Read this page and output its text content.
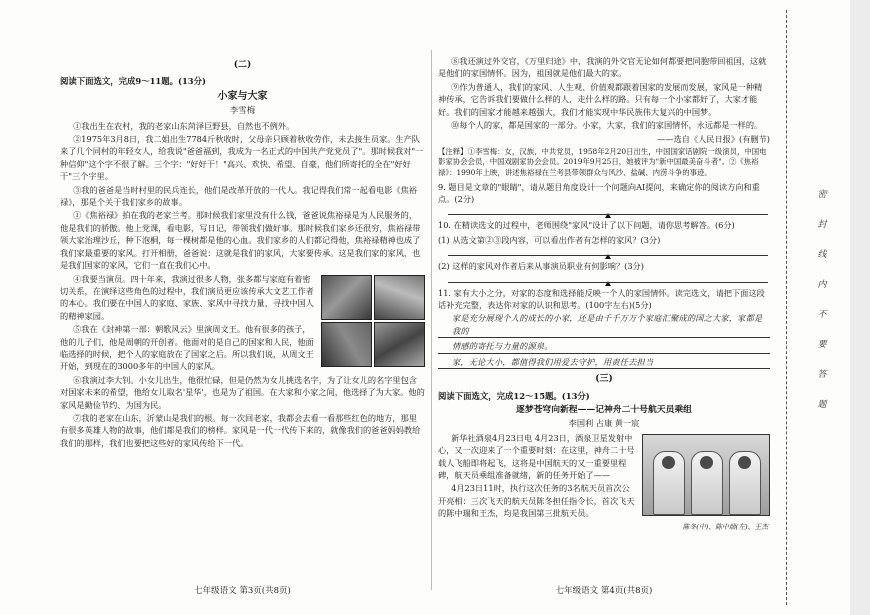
(二)
阅读下面选文，完成9～11题。(13分)
小家与大家
李雪梅

①我出生在农村，我的老家山东菏泽巨野县，自然也不例外。

②1975年3月8日，我二姐出生7784斤秋收时，父母亲只顾着秋收劳作，未去接生员家。生产队来了几个同村的年轻女人，给我说"爸爸福到，我成为一名正式的中国共产党党员了"。那时候我对"一种信仰"这个字不很了解。三个字："好好干！"高兴、欢快、希望、自豪，他们所寄托的全在"好好干"三个字里。

③我的爸爸是当时村里的民兵连长，他们是改革开放的一代人。我记得我们常一起看电影《焦裕禄》，那是个关于我们家乡的故事。

①《焦裕禄》拍在我的老家兰考。那时候我们家里没有什么钱，爸爸说焦裕禄是为人民服务的，他是我们的骄傲。他上党课，看电影，写日记，带领我们做好事。那时候我们家乡还很穷，焦裕禄带领大家治理沙丘，种下泡桐，每一棵树都是他的心血。我们家乡的人们都记得他，焦裕禄精神也成了我们家最重要的家风。打开相册，爸爸说：这就是我们的家风，大家要传承。这是我们家的家风，也是我们国家的家风，它们一直在我们心中。

④我要当演员。四十年来，我演过很多人物，张多都与家庭有着密切关系，在演绎这些角色的过程中，我们演员更应该传承大文艺工作者的本心。我们要在中国人的家庭、家族、家风中寻找力量，寻找中国人的精神家园。

⑤我在《封神第一部：朝歌风云》里演周文王。他有很多的孩子，他的儿子们，他是周朝的开创者。他面对的是自己的国家和人民，他面临选择的时候，把个人的家庭放在了国家之后。所以我们说，从周文王开始，到现在的3000多年的中国人的家风。

⑥我演过李大钊。小女儿出生，他很忙碌，但是仍然为女儿挑选名字，为了让女儿的名字里包含对国家未来的希望，他给女儿取名'星华'，也是为了祖国。在大家和小家之间，他选择了为大家。他的家风是勤俭节约、为国为民。

⑦我的老家在山东，沂蒙山是我们的根。每一次回老家，我都会去看一看那些红色的地方，那里有很多英雄人物的故事，他们都是我们的榜样。家风是一代一代传下来的，就像我们的爸爸妈妈教给我们的那样，我们也要把这些好的家风传给下一代。

⑧我还演过外交官，《万里归途》中，我演的外交官无论如何都要把同胞带回祖国，这就是他们的家国情怀。因为，祖国就是他们最大的家。

⑨作为普通人，我们的家风、人生观、价值观都跟着国家的发展而发展，家风是一种精神传承，它告诉我们要做什么样的人，走什么样的路。只有每一个小家都好了，大家才能好。我们的国家才能越来越强大，我们才能实现中华民族伟大复兴的中国梦。

⑩每个人的家，都是国家的一部分。小家，大家，我们的家国情怀，永远都是一样的。

——选自《人民日报》(有删节)
【注释】①李雪梅：女，汉族，中共党员，1958年2月20日出生，中国国家话剧院一级演员，中国电影家协会会员，中国戏剧家协会会员。2019年9月25日，她被评为"新中国最美奋斗者"。②《焦裕禄》：1990年上映，讲述焦裕禄在兰考县带领群众与风沙、盐碱、内涝斗争的事迹。
9. 题目是文章的"眼睛"，请从题目角度设计一个问题向AI提问，来确定你的阅读方向和重点。(2分)
10. 在精读选文的过程中，老师围绕"家风"设计了以下问题，请你思考解答。(6分)
(1) 从选文第②③段内容，可以看出作者有怎样的家风？(3分)
(2) 这样的家风对作者后来从事演员职业有何影响？(3分)
11. 家有大小之分，对家的态度和选择能反映一个人的家国情怀。读完选文，请把下面这段话补充完整，表达你对家的认识和思考。(100字左右)(5分)
家是充分展现个人的成长的小家，还是由千千万万个家庭汇聚成的国之大家，家都是我的
情感的寄托与力量的源泉。
家，无论大小，都值得我们用爱去守护，用责任去担当
(三)
阅读下面选文，完成12～15题。(13分)
逐梦苍穹向新程——记神舟二十号航天员乘组
李国利 占康 黄一宸

新华社酒泉4月23日电 4月23日，酒泉卫星发射中心，又一次迎来了一个重要时刻：在这里，神舟二十号载人飞船即将起飞，这将是中国航天的又一重要里程碑，航天员乘组准备就绪，新的任务开始了——

4月23日11时，执行这次任务的3名航天员首次公开亮相：三次飞天的航天员陈冬担任指令长，首次飞天的陈中瑞和王杰，均是我国第三批航天员。

陈冬(中)、陈中瑞(左)、王杰
七年级语文 第3页(共8页)	七年级语文 第4页(共8页)
密 封 线 内 不 要 答 题
